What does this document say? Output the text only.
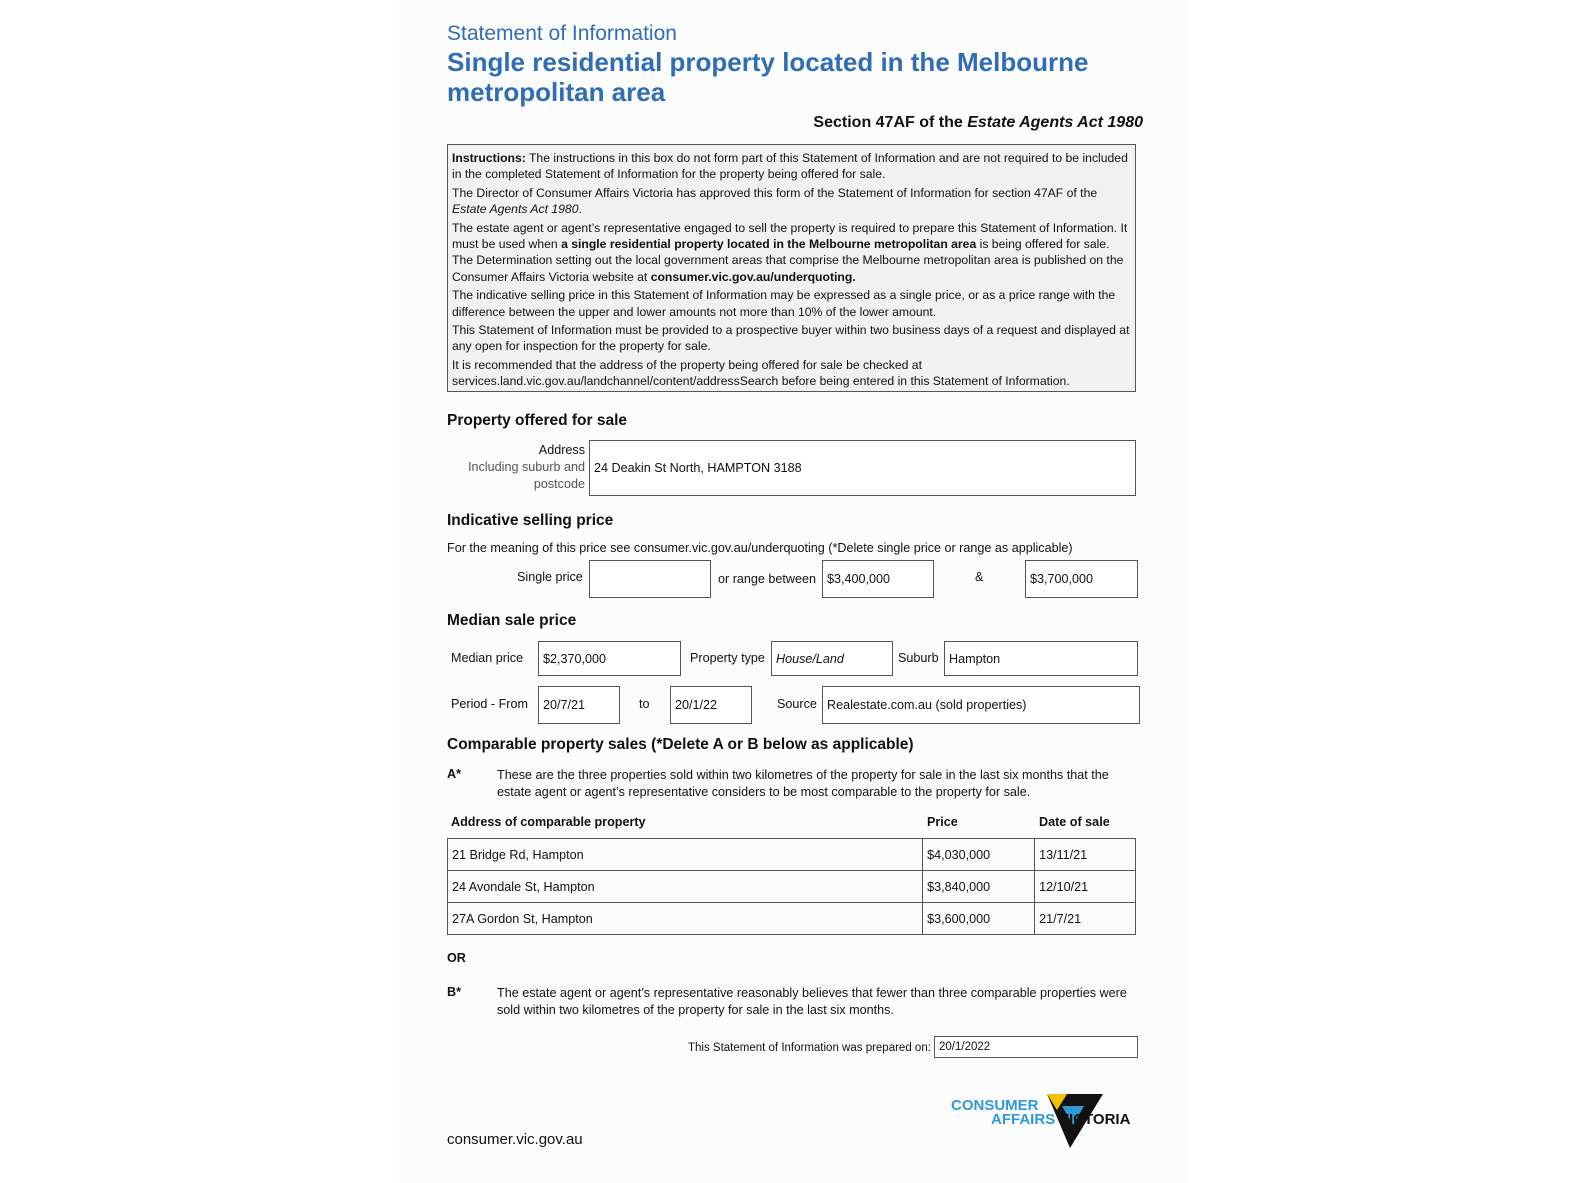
Statement of Information
Single residential property located in the Melbourne metropolitan area
Section 47AF of the Estate Agents Act 1980

Instructions: The instructions in this box do not form part of this Statement of Information and are not required to be included in the completed Statement of Information for the property being offered for sale.

The Director of Consumer Affairs Victoria has approved this form of the Statement of Information for section 47AF of the Estate Agents Act 1980.

The estate agent or agent’s representative engaged to sell the property is required to prepare this Statement of Information. It must be used when a single residential property located in the Melbourne metropolitan area is being offered for sale. The Determination setting out the local government areas that comprise the Melbourne metropolitan area is published on the Consumer Affairs Victoria website at consumer.vic.gov.au/underquoting.

The indicative selling price in this Statement of Information may be expressed as a single price, or as a price range with the difference between the upper and lower amounts not more than 10% of the lower amount.

This Statement of Information must be provided to a prospective buyer within two business days of a request and displayed at any open for inspection for the property for sale.

It is recommended that the address of the property being offered for sale be checked at services.land.vic.gov.au/landchannel/content/addressSearch before being entered in this Statement of Information.

Property offered for sale
Address
Including suburb and
postcode
24 Deakin St North, HAMPTON 3188
Indicative selling price
For the meaning of this price see consumer.vic.gov.au/underquoting (*Delete single price or range as applicable)
Single price	or range between $3,400,000	&	$3,700,000
Median sale price
Median price	$2,370,000	Property type House/Land	Suburb Hampton
Period - From	20/7/21	to	20/1/22	Source Realestate.com.au (sold properties)
Comparable property sales (*Delete A or B below as applicable)
A*	These are the three properties sold within two kilometres of the property for sale in the last six months that the estate agent or agent’s representative considers to be most comparable to the property for sale.
Address of comparable property	Price	Date of sale
21 Bridge Rd, Hampton	$4,030,000	13/11/21
24 Avondale St, Hampton	$3,840,000	12/10/21
27A Gordon St, Hampton	$3,600,000	21/7/21
OR
B*	The estate agent or agent’s representative reasonably believes that fewer than three comparable properties were sold within two kilometres of the property for sale in the last six months.
This Statement of Information was prepared on: 20/1/2022
consumer.vic.gov.au
CONSUMER
AFFAIRS VICTORIA
